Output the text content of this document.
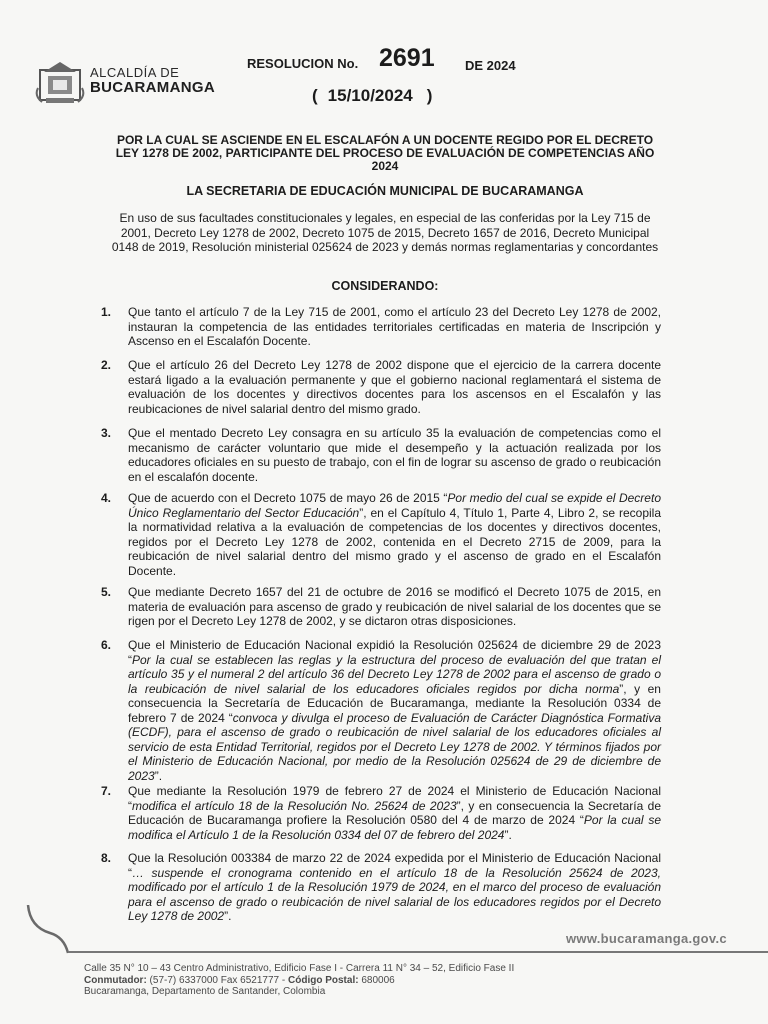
ALCALDÍA DE
BUCARAMANGA
RESOLUCION No. 2691 DE 2024
( 15/10/2024 )
POR LA CUAL SE ASCIENDE EN EL ESCALAFÓN A UN DOCENTE REGIDO POR EL DECRETO LEY 1278 DE 2002, PARTICIPANTE DEL PROCESO DE EVALUACIÓN DE COMPETENCIAS AÑO 2024
LA SECRETARIA DE EDUCACIÓN MUNICIPAL DE BUCARAMANGA
En uso de sus facultades constitucionales y legales, en especial de las conferidas por la Ley 715 de 2001, Decreto Ley 1278 de 2002, Decreto 1075 de 2015, Decreto 1657 de 2016, Decreto Municipal 0148 de 2019, Resolución ministerial 025624 de 2023 y demás normas reglamentarias y concordantes
CONSIDERANDO:
1. Que tanto el artículo 7 de la Ley 715 de 2001, como el artículo 23 del Decreto Ley 1278 de 2002, instauran la competencia de las entidades territoriales certificadas en materia de Inscripción y Ascenso en el Escalafón Docente.
2. Que el artículo 26 del Decreto Ley 1278 de 2002 dispone que el ejercicio de la carrera docente estará ligado a la evaluación permanente y que el gobierno nacional reglamentará el sistema de evaluación de los docentes y directivos docentes para los ascensos en el Escalafón y las reubicaciones de nivel salarial dentro del mismo grado.
3. Que el mentado Decreto Ley consagra en su artículo 35 la evaluación de competencias como el mecanismo de carácter voluntario que mide el desempeño y la actuación realizada por los educadores oficiales en su puesto de trabajo, con el fin de lograr su ascenso de grado o reubicación en el escalafón docente.
4. Que de acuerdo con el Decreto 1075 de mayo 26 de 2015 “Por medio del cual se expide el Decreto Único Reglamentario del Sector Educación”, en el Capítulo 4, Título 1, Parte 4, Libro 2, se recopila la normatividad relativa a la evaluación de competencias de los docentes y directivos docentes, regidos por el Decreto Ley 1278 de 2002, contenida en el Decreto 2715 de 2009, para la reubicación de nivel salarial dentro del mismo grado y el ascenso de grado en el Escalafón Docente.
5. Que mediante Decreto 1657 del 21 de octubre de 2016 se modificó el Decreto 1075 de 2015, en materia de evaluación para ascenso de grado y reubicación de nivel salarial de los docentes que se rigen por el Decreto Ley 1278 de 2002, y se dictaron otras disposiciones.
6. Que el Ministerio de Educación Nacional expidió la Resolución 025624 de diciembre 29 de 2023 “Por la cual se establecen las reglas y la estructura del proceso de evaluación del que tratan el artículo 35 y el numeral 2 del artículo 36 del Decreto Ley 1278 de 2002 para el ascenso de grado o la reubicación de nivel salarial de los educadores oficiales regidos por dicha norma”, y en consecuencia la Secretaría de Educación de Bucaramanga, mediante la Resolución 0334 de febrero 7 de 2024 “convoca y divulga el proceso de Evaluación de Carácter Diagnóstica Formativa (ECDF), para el ascenso de grado o reubicación de nivel salarial de los educadores oficiales al servicio de esta Entidad Territorial, regidos por el Decreto Ley 1278 de 2002. Y términos fijados por el Ministerio de Educación Nacional, por medio de la Resolución 025624 de 29 de diciembre de 2023”.
7. Que mediante la Resolución 1979 de febrero 27 de 2024 el Ministerio de Educación Nacional “modifica el artículo 18 de la Resolución No. 25624 de 2023”, y en consecuencia la Secretaría de Educación de Bucaramanga profiere la Resolución 0580 del 4 de marzo de 2024 “Por la cual se modifica el Artículo 1 de la Resolución 0334 del 07 de febrero del 2024”.
8. Que la Resolución 003384 de marzo 22 de 2024 expedida por el Ministerio de Educación Nacional “… suspende el cronograma contenido en el artículo 18 de la Resolución 25624 de 2023, modificado por el artículo 1 de la Resolución 1979 de 2024, en el marco del proceso de evaluación para el ascenso de grado o reubicación de nivel salarial de los educadores regidos por el Decreto Ley 1278 de 2002”.
www.bucaramanga.gov.c
Calle 35 N° 10 – 43 Centro Administrativo, Edificio Fase I - Carrera 11 N° 34 – 52, Edificio Fase II
Conmutador: (57-7) 6337000 Fax 6521777 - Código Postal: 680006
Bucaramanga, Departamento de Santander, Colombia
